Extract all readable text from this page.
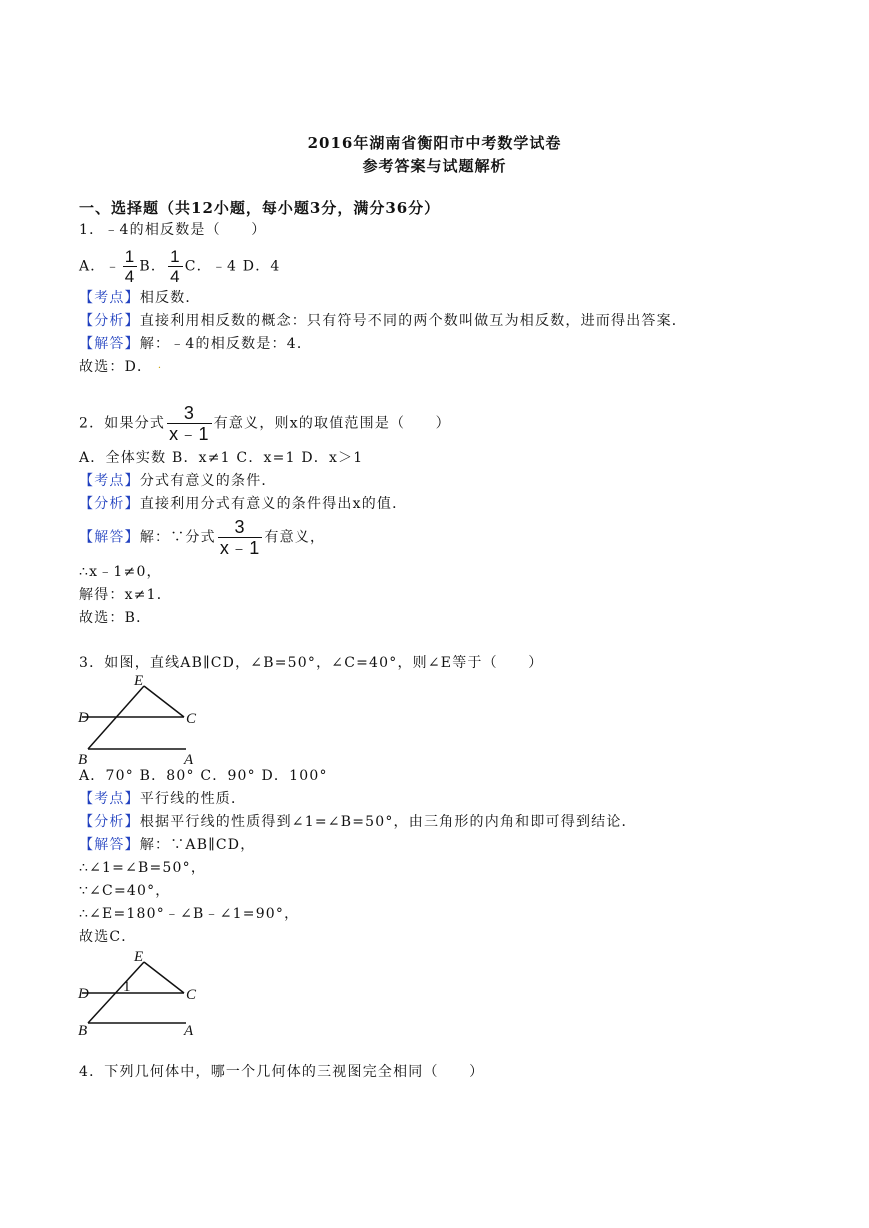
2016年湖南省衡阳市中考数学试卷
参考答案与试题解析
一、选择题（共12小题，每小题3分，满分36分）
1．﹣4的相反数是（　　）
A．﹣ $\frac{1}{4}$ B． $\frac{1}{4}$ C．﹣4 D．4
【考点】相反数．
【分析】直接利用相反数的概念：只有符号不同的两个数叫做互为相反数，进而得出答案．
【解答】解：﹣4的相反数是：4．
故选：D． ·
2．如果分式 $\frac{3}{x﹣1}$ 有意义，则x的取值范围是（　　）
A．全体实数 B．x≠1 C．x=1 D．x＞1
【考点】分式有意义的条件．
【分析】直接利用分式有意义的条件得出x的值．
【解答】解：∵分式 $\frac{3}{x﹣1}$ 有意义，
∴x﹣1≠0，
解得：x≠1．
故选：B．
3．如图，直线AB∥CD，∠B=50°，∠C=40°，则∠E等于（　　）
E
D	C
B	A
A．70° B．80° C．90° D．100°
【考点】平行线的性质．
【分析】根据平行线的性质得到∠1=∠B=50°，由三角形的内角和即可得到结论．
【解答】解：∵AB∥CD，
∴∠1=∠B=50°，
∵∠C=40°，
∴∠E=180°﹣∠B﹣∠1=90°，
故选C．
E
D	C
B	A
1
4．下列几何体中，哪一个几何体的三视图完全相同（　　）
